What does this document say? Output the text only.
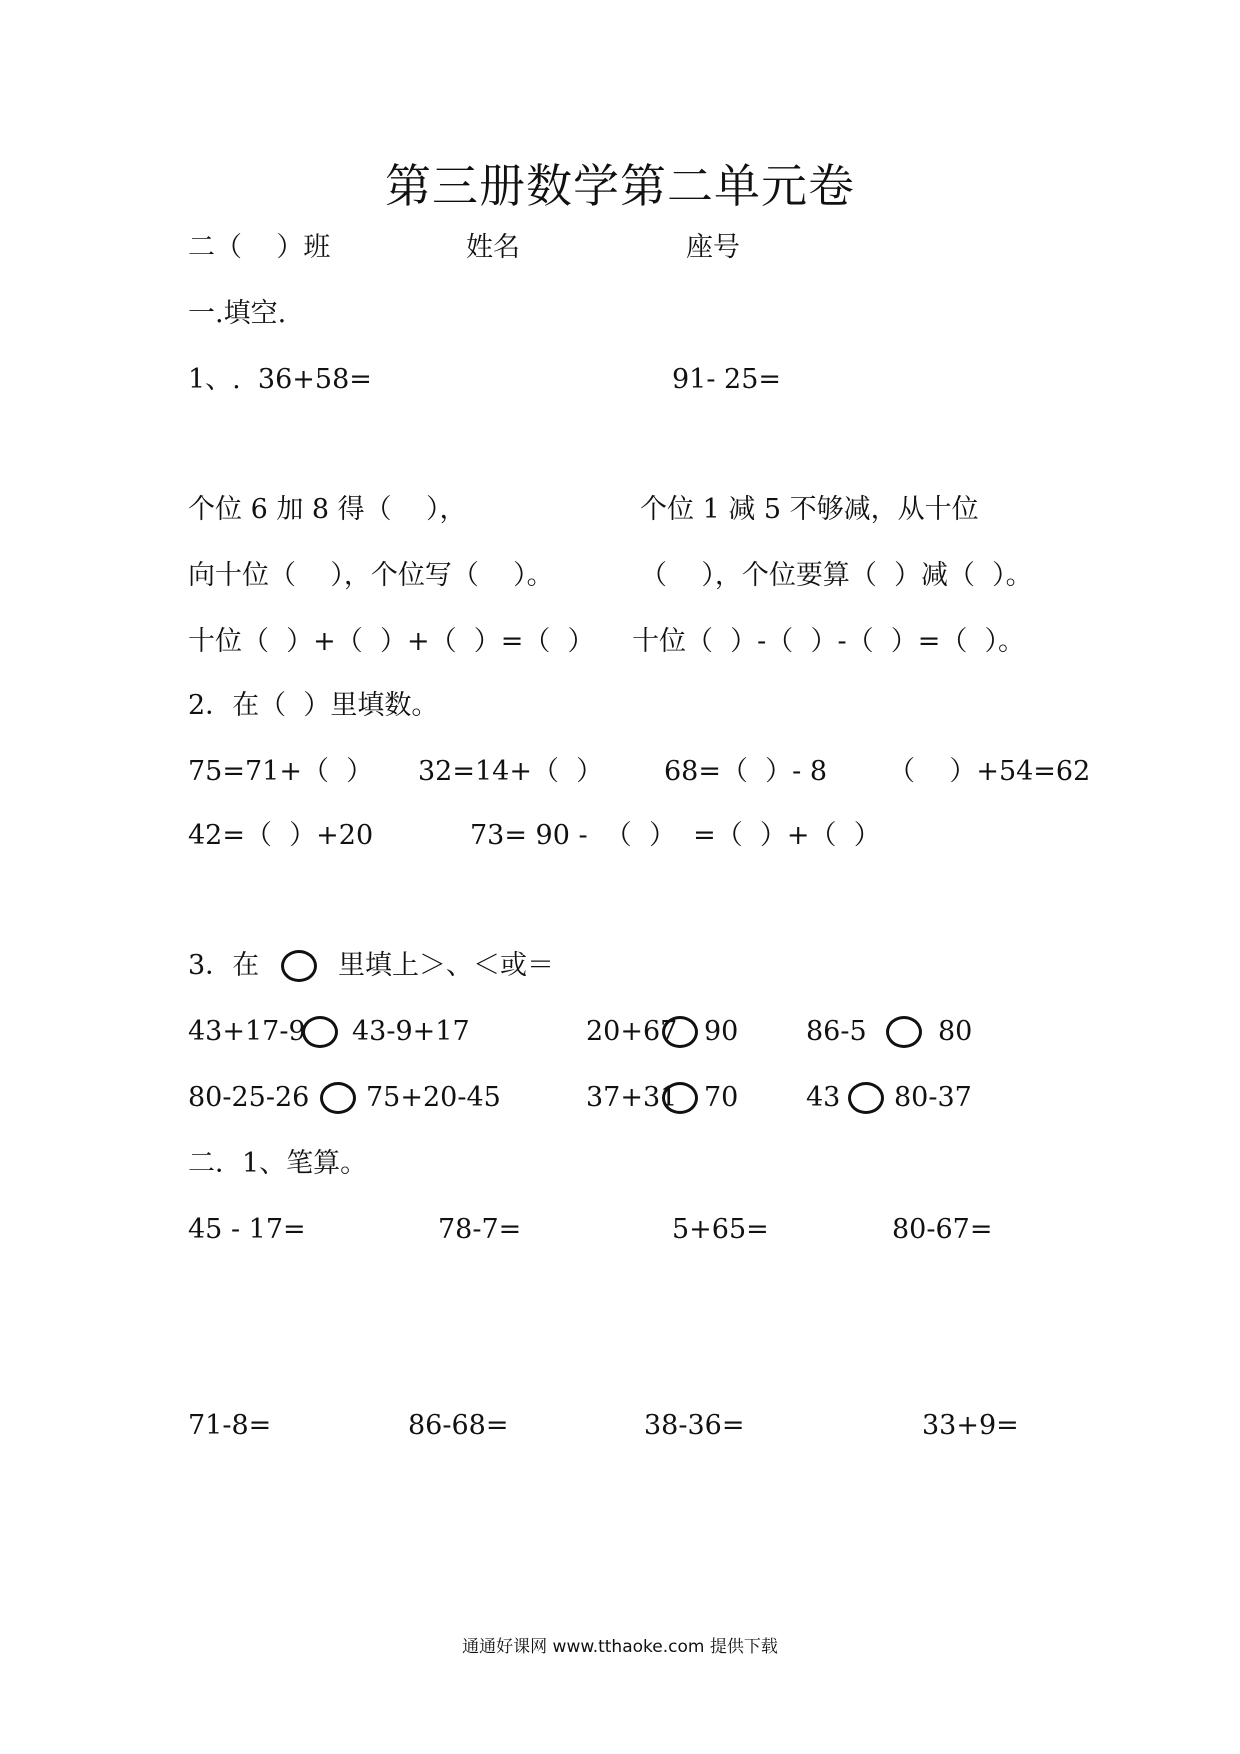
第三册数学第二单元卷
二（    ）班	姓名	座号
一.填空.
1、.  36+58=	91- 25=
个位 6 加 8 得（    ），	个位 1 减 5 不够减，从十位
向十位（    ），个位写（    ）。	（    ），个位要算（  ）减（  ）。
十位（  ）+（  ）+（  ）=（  ） 十位（  ）-（  ）-（  ）=（  ）。
2．在（  ）里填数。
75=71+（  ） 32=14+（  ） 68=（  ）- 8 （    ）+54=62
42=（  ）+20	73= 90 -  （  ）  =（  ）+（  ）
3．在	里填上＞、＜或＝
43+17-9 43-9+17	20+67 90	86-5	80
80-25-26 75+20-45	37+31 70	43 80-37
二．1、笔算。
45 - 17=	78-7=	5+65=	80-67=
71-8=	86-68=	38-36=	33+9=
通通好课网 www.tthaoke.com 提供下载
